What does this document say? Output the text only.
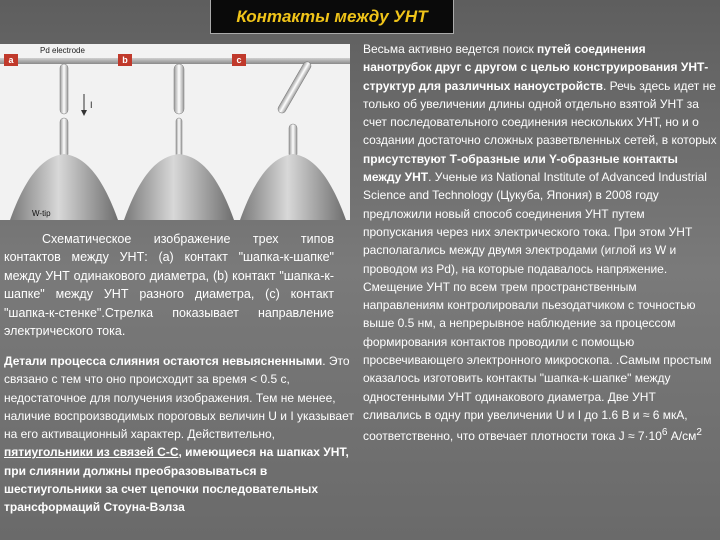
Контакты между УНТ
a	b	c
Pd electrode
I
W-tip
Схематическое изображение трех типов контактов между УНТ: (a) контакт "шапка-к-шапке" между УНТ одинакового диаметра, (b) контакт "шапка-к-шапке" между УНТ разного диаметра, (c) контакт "шапка-к-стенке".Стрелка показывает направление электрического тока.
Детали процесса слияния остаются невыясненными. Это связано с тем что оно происходит за время < 0.5 с, недостаточное для получения изображения. Тем не менее, наличие воспроизводимых пороговых величин U и I указывает на его активационный характер. Действительно, пятиугольники из связей С-С, имеющиеся на шапках УНТ, при слиянии должны преобразовываться в шестиугольники за счет цепочки последовательных трансформаций Стоуна-Вэлза
Весьма активно ведется поиск путей соединения нанотрубок друг с другом с целью конструирования УНТ-структур для различных наноустройств. Речь здесь идет не только об увеличении длины одной отдельно взятой УНТ за счет последовательного соединения нескольких УНТ, но и о создании достаточно сложных разветвленных сетей, в которых присутствуют Т-образные или Y-образные контакты между УНТ. Ученые из National Institute of Advanced Industrial Science and Technology (Цукуба, Япония) в 2008 году предложили новый способ соединения УНТ путем пропускания через них электрического тока. При этом УНТ располагались между двумя электродами (иглой из W и проводом из Pd), на которые подавалось напряжение. Смещение УНТ по всем трем пространственным направлениям контролировали пьезодатчиком с точностью выше 0.5 нм, а непрерывное наблюдение за процессом формирования контактов проводили с помощью просвечивающего электронного микроскопа. .Самым простым оказалось изготовить контакты "шапка-к-шапке" между одностенными УНТ одинакового диаметра. Две УНТ сливались в одну при увеличении U и I до 1.6 В и ≈ 6 мкА, соответственно, что отвечает плотности тока $J \approx 7\cdot 10^6$ $А/см^2$
